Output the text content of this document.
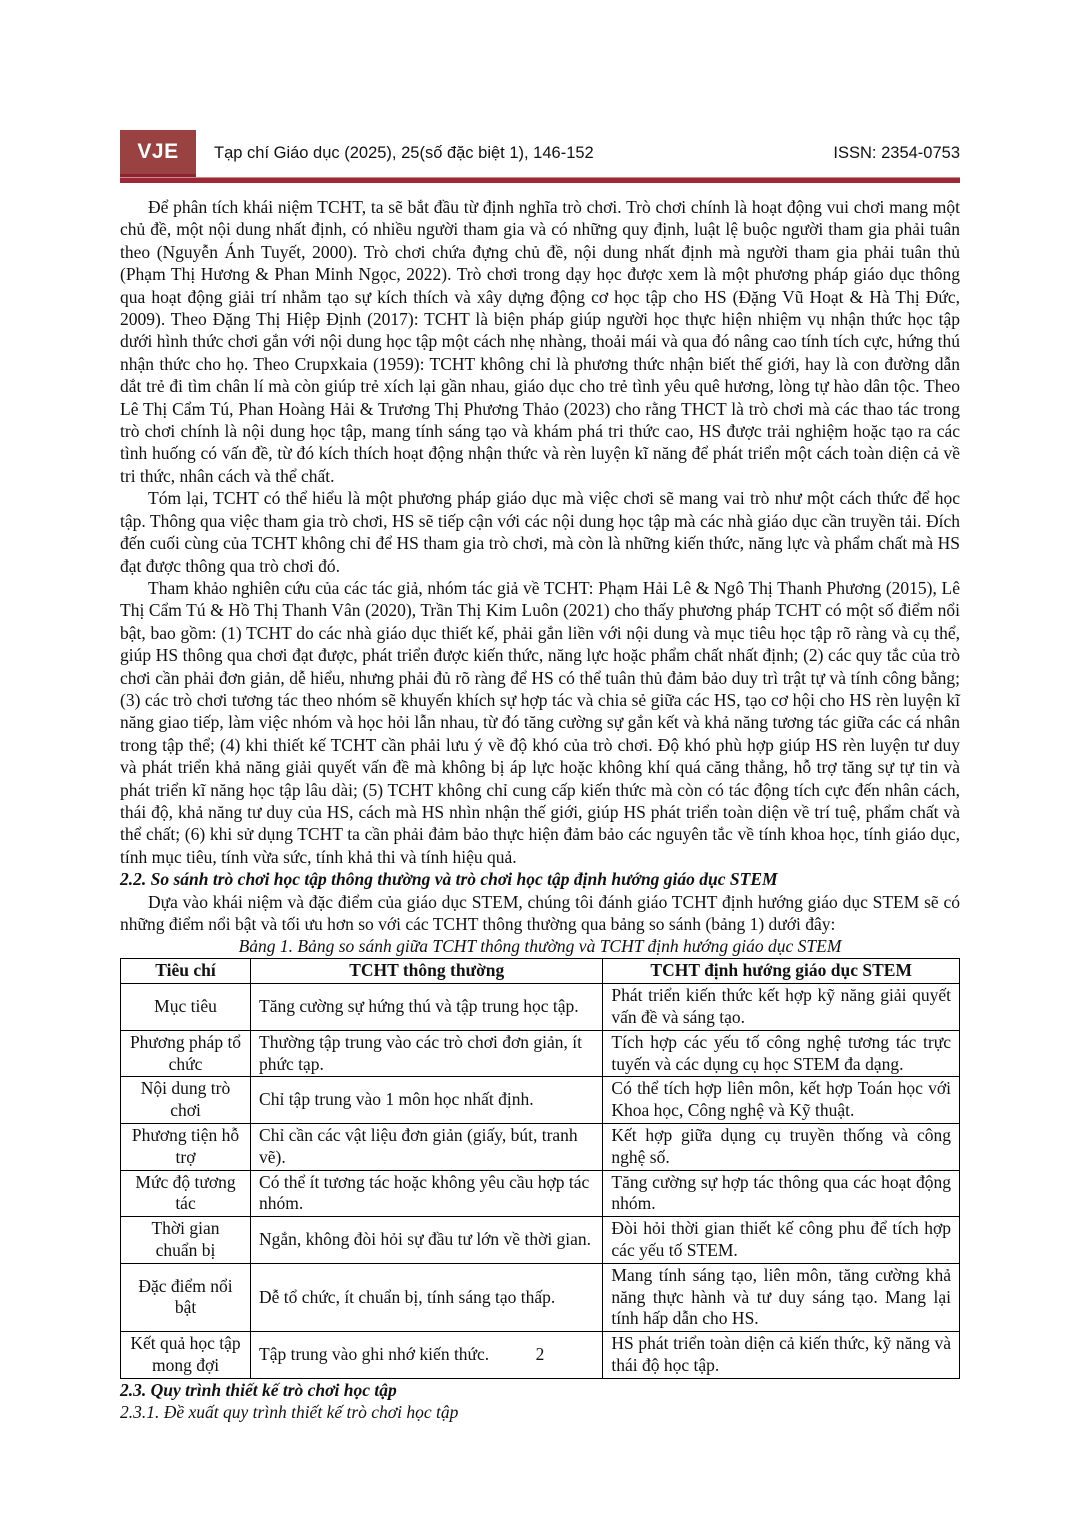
VJE	Tạp chí Giáo dục (2025), 25(số đặc biệt 1), 146-152	ISSN: 2354-0753

Để phân tích khái niệm TCHT, ta sẽ bắt đầu từ định nghĩa trò chơi. Trò chơi chính là hoạt động vui chơi mang một chủ đề, một nội dung nhất định, có nhiều người tham gia và có những quy định, luật lệ buộc người tham gia phải tuân theo (Nguyễn Ánh Tuyết, 2000). Trò chơi chứa đựng chủ đề, nội dung nhất định mà người tham gia phải tuân thủ (Phạm Thị Hương & Phan Minh Ngọc, 2022). Trò chơi trong dạy học được xem là một phương pháp giáo dục thông qua hoạt động giải trí nhằm tạo sự kích thích và xây dựng động cơ học tập cho HS (Đặng Vũ Hoạt & Hà Thị Đức, 2009). Theo Đặng Thị Hiệp Định (2017): TCHT là biện pháp giúp người học thực hiện nhiệm vụ nhận thức học tập dưới hình thức chơi gắn với nội dung học tập một cách nhẹ nhàng, thoải mái và qua đó nâng cao tính tích cực, hứng thú nhận thức cho họ. Theo Crupxkaia (1959): TCHT không chỉ là phương thức nhận biết thế giới, hay là con đường dẫn dắt trẻ đi tìm chân lí mà còn giúp trẻ xích lại gần nhau, giáo dục cho trẻ tình yêu quê hương, lòng tự hào dân tộc. Theo Lê Thị Cẩm Tú, Phan Hoàng Hải & Trương Thị Phương Thảo (2023) cho rằng THCT là trò chơi mà các thao tác trong trò chơi chính là nội dung học tập, mang tính sáng tạo và khám phá tri thức cao, HS được trải nghiệm hoặc tạo ra các tình huống có vấn đề, từ đó kích thích hoạt động nhận thức và rèn luyện kĩ năng để phát triển một cách toàn diện cả về tri thức, nhân cách và thể chất.

Tóm lại, TCHT có thể hiểu là một phương pháp giáo dục mà việc chơi sẽ mang vai trò như một cách thức để học tập. Thông qua việc tham gia trò chơi, HS sẽ tiếp cận với các nội dung học tập mà các nhà giáo dục cần truyền tải. Đích đến cuối cùng của TCHT không chỉ để HS tham gia trò chơi, mà còn là những kiến thức, năng lực và phẩm chất mà HS đạt được thông qua trò chơi đó.

Tham khảo nghiên cứu của các tác giả, nhóm tác giả về TCHT: Phạm Hải Lê & Ngô Thị Thanh Phương (2015), Lê Thị Cẩm Tú & Hồ Thị Thanh Vân (2020), Trần Thị Kim Luôn (2021) cho thấy phương pháp TCHT có một số điểm nổi bật, bao gồm: (1) TCHT do các nhà giáo dục thiết kế, phải gắn liền với nội dung và mục tiêu học tập rõ ràng và cụ thể, giúp HS thông qua chơi đạt được, phát triển được kiến thức, năng lực hoặc phẩm chất nhất định; (2) các quy tắc của trò chơi cần phải đơn giản, dễ hiểu, nhưng phải đủ rõ ràng để HS có thể tuân thủ đảm bảo duy trì trật tự và tính công bằng; (3) các trò chơi tương tác theo nhóm sẽ khuyến khích sự hợp tác và chia sẻ giữa các HS, tạo cơ hội cho HS rèn luyện kĩ năng giao tiếp, làm việc nhóm và học hỏi lẫn nhau, từ đó tăng cường sự gắn kết và khả năng tương tác giữa các cá nhân trong tập thể; (4) khi thiết kế TCHT cần phải lưu ý về độ khó của trò chơi. Độ khó phù hợp giúp HS rèn luyện tư duy và phát triển khả năng giải quyết vấn đề mà không bị áp lực hoặc không khí quá căng thẳng, hỗ trợ tăng sự tự tin và phát triển kĩ năng học tập lâu dài; (5) TCHT không chỉ cung cấp kiến thức mà còn có tác động tích cực đến nhân cách, thái độ, khả năng tư duy của HS, cách mà HS nhìn nhận thế giới, giúp HS phát triển toàn diện về trí tuệ, phẩm chất và thể chất; (6) khi sử dụng TCHT ta cần phải đảm bảo thực hiện đảm bảo các nguyên tắc về tính khoa học, tính giáo dục, tính mục tiêu, tính vừa sức, tính khả thi và tính hiệu quả.

2.2. So sánh trò chơi học tập thông thường và trò chơi học tập định hướng giáo dục STEM

Dựa vào khái niệm và đặc điểm của giáo dục STEM, chúng tôi đánh giáo TCHT định hướng giáo dục STEM sẽ có những điểm nổi bật và tối ưu hơn so với các TCHT thông thường qua bảng so sánh (bảng 1) dưới đây:

Bảng 1. Bảng so sánh giữa TCHT thông thường và TCHT định hướng giáo dục STEM
Tiêu chí	TCHT thông thường	TCHT định hướng giáo dục STEM
Mục tiêu	Tăng cường sự hứng thú và tập trung học tập.	Phát triển kiến thức kết hợp kỹ năng giải quyết vấn đề và sáng tạo.
Phương pháp tổ chức	Thường tập trung vào các trò chơi đơn giản, ít phức tạp.	Tích hợp các yếu tố công nghệ tương tác trực tuyến và các dụng cụ học STEM đa dạng.
Nội dung trò chơi	Chỉ tập trung vào 1 môn học nhất định.	Có thể tích hợp liên môn, kết hợp Toán học với Khoa học, Công nghệ và Kỹ thuật.
Phương tiện hỗ trợ	Chỉ cần các vật liệu đơn giản (giấy, bút, tranh vẽ).	Kết hợp giữa dụng cụ truyền thống và công nghệ số.
Mức độ tương tác	Có thể ít tương tác hoặc không yêu cầu hợp tác nhóm.	Tăng cường sự hợp tác thông qua các hoạt động nhóm.
Thời gian chuẩn bị	Ngắn, không đòi hỏi sự đầu tư lớn về thời gian.	Đòi hỏi thời gian thiết kế công phu để tích hợp các yếu tố STEM.
Đặc điểm nổi bật	Dễ tổ chức, ít chuẩn bị, tính sáng tạo thấp.	Mang tính sáng tạo, liên môn, tăng cường khả năng thực hành và tư duy sáng tạo. Mang lại tính hấp dẫn cho HS.
Kết quả học tập mong đợi	Tập trung vào ghi nhớ kiến thức.	HS phát triển toàn diện cả kiến thức, kỹ năng và thái độ học tập.
2.3. Quy trình thiết kế trò chơi học tập
2.3.1. Đề xuất quy trình thiết kế trò chơi học tập
2
